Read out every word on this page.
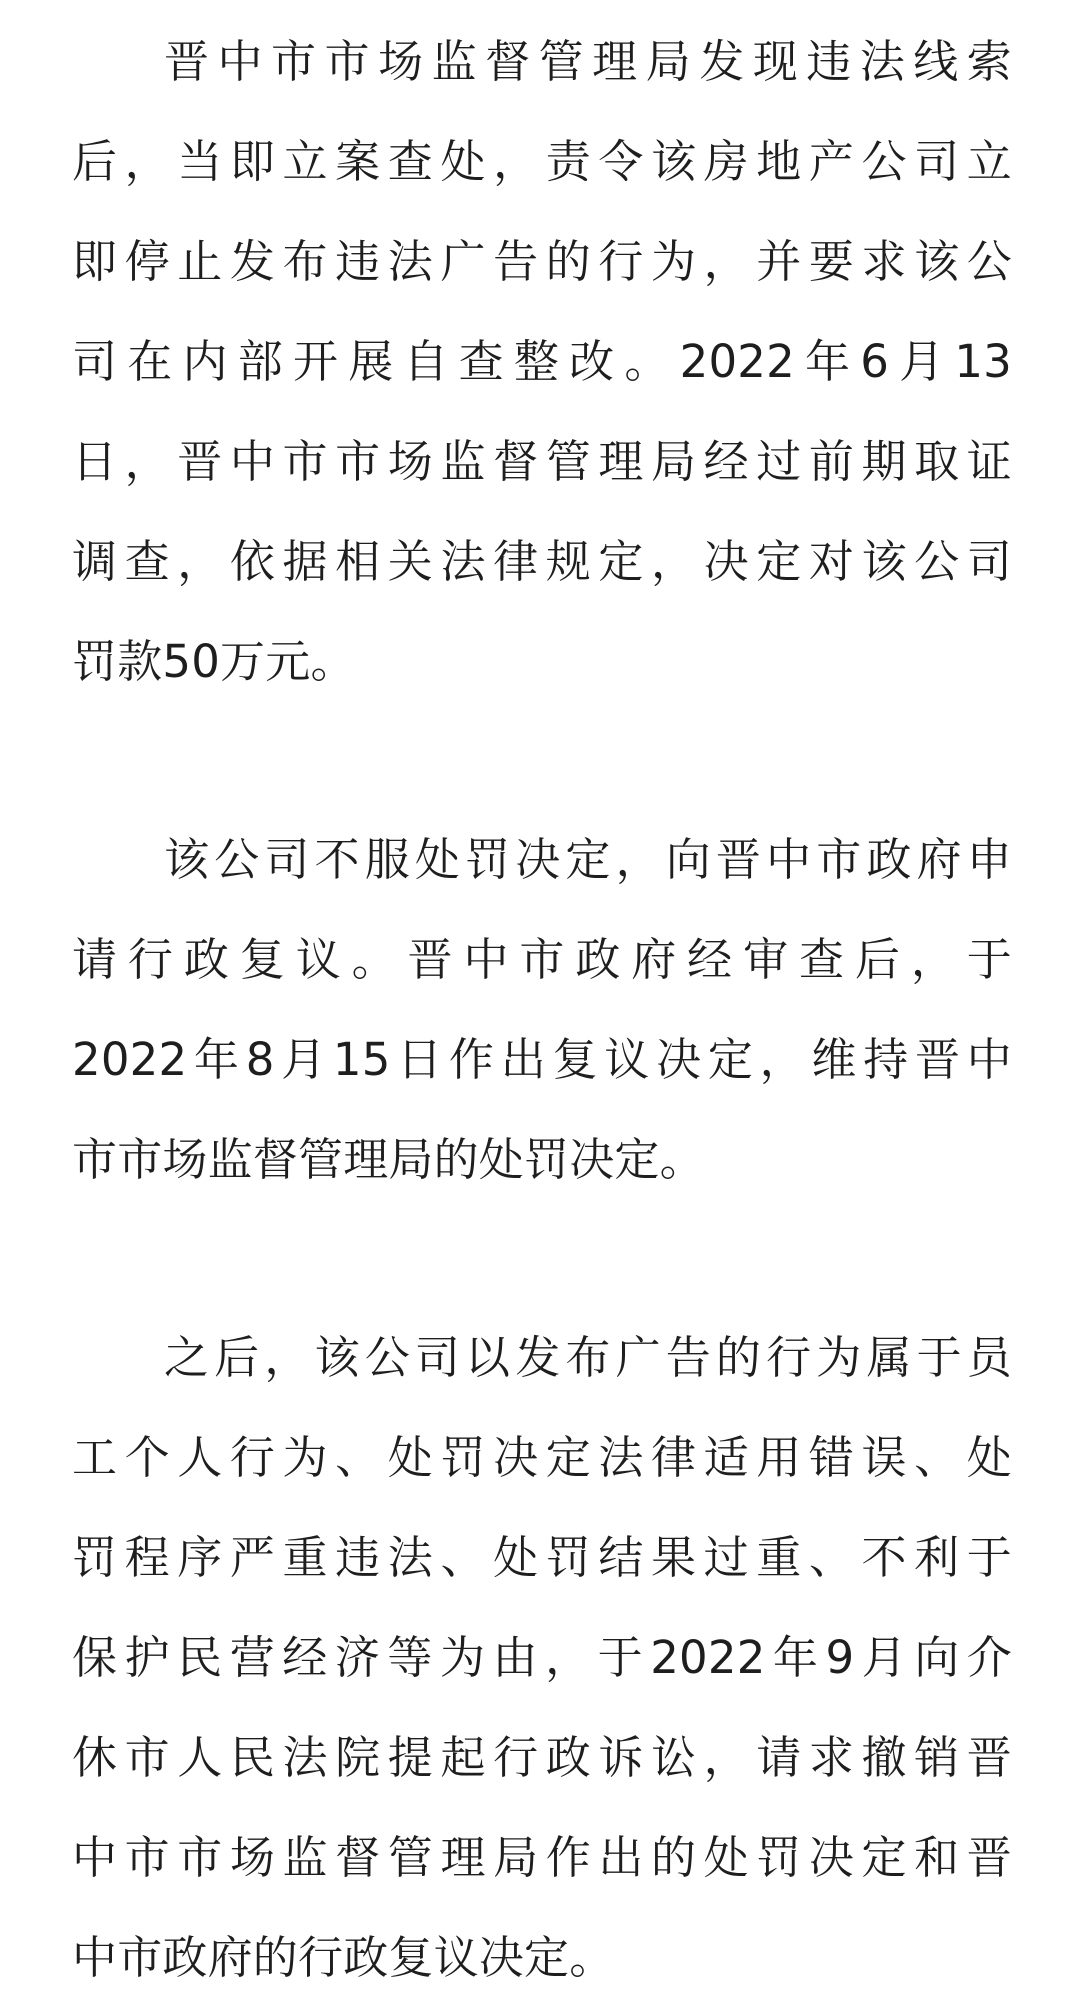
晋中市市场监督管理局发现违法线索
后，当即立案查处，责令该房地产公司立
即停止发布违法广告的行为，并要求该公
司在内部开展自查整改。2022年6月13
日，晋中市市场监督管理局经过前期取证
调查，依据相关法律规定，决定对该公司
罚款50万元。
该公司不服处罚决定，向晋中市政府申
请行政复议。晋中市政府经审查后，于
2022年8月15日作出复议决定，维持晋中
市市场监督管理局的处罚决定。
之后，该公司以发布广告的行为属于员
工个人行为、处罚决定法律适用错误、处
罚程序严重违法、处罚结果过重、不利于
保护民营经济等为由，于2022年9月向介
休市人民法院提起行政诉讼，请求撤销晋
中市市场监督管理局作出的处罚决定和晋
中市政府的行政复议决定。
